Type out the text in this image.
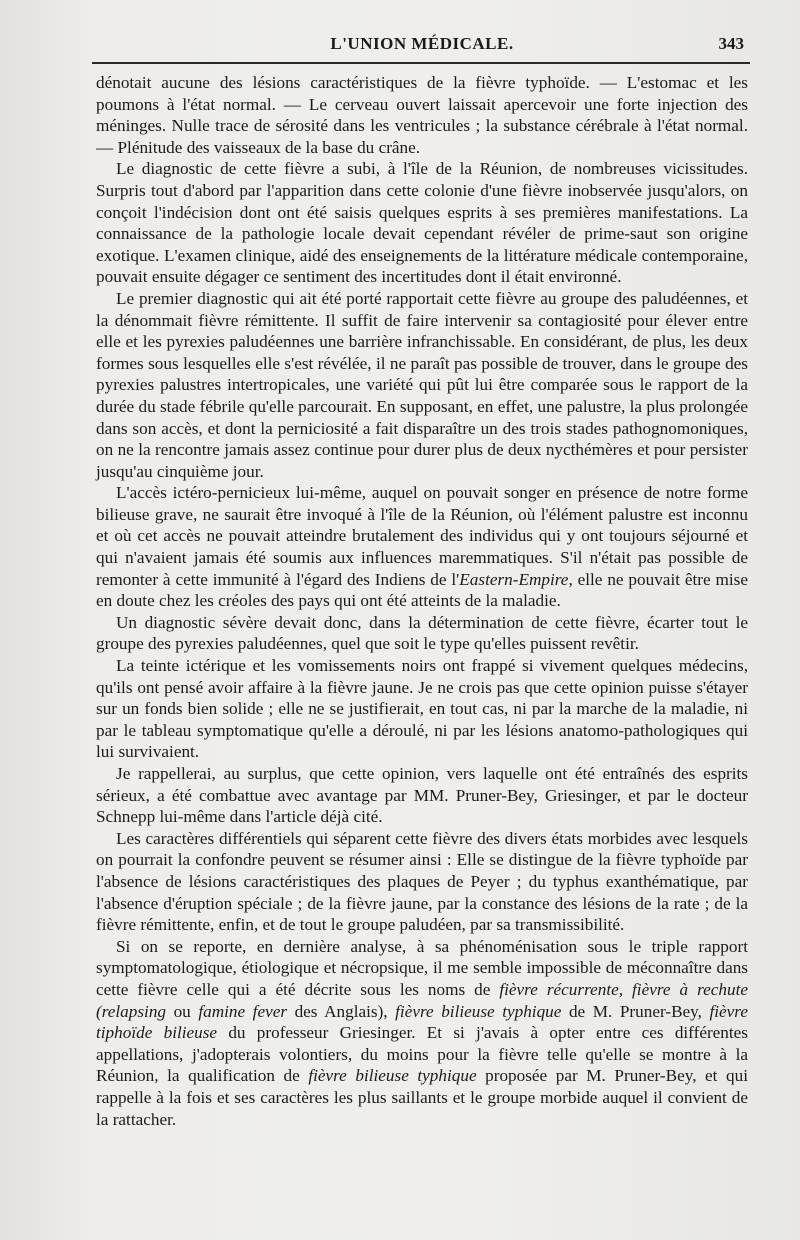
L'UNION MÉDICALE.	343

dénotait aucune des lésions caractéristiques de la fièvre typhoïde. — L'estomac et les poumons à l'état normal. — Le cerveau ouvert laissait apercevoir une forte injection des méninges. Nulle trace de sérosité dans les ventricules ; la substance cérébrale à l'état normal. — Plénitude des vaisseaux de la base du crâne.

Le diagnostic de cette fièvre a subi, à l'île de la Réunion, de nombreuses vicissitudes. Surpris tout d'abord par l'apparition dans cette colonie d'une fièvre inobservée jusqu'alors, on conçoit l'indécision dont ont été saisis quelques esprits à ses premières manifestations. La connaissance de la pathologie locale devait cependant révéler de prime-saut son origine exotique. L'examen clinique, aidé des enseignements de la littérature médicale contemporaine, pouvait ensuite dégager ce sentiment des incertitudes dont il était environné.

Le premier diagnostic qui ait été porté rapportait cette fièvre au groupe des paludéennes, et la dénommait fièvre rémittente. Il suffit de faire intervenir sa contagiosité pour élever entre elle et les pyrexies paludéennes une barrière infranchissable. En considérant, de plus, les deux formes sous lesquelles elle s'est révélée, il ne paraît pas possible de trouver, dans le groupe des pyrexies palustres intertropicales, une variété qui pût lui être comparée sous le rapport de la durée du stade fébrile qu'elle parcourait. En supposant, en effet, une palustre, la plus prolongée dans son accès, et dont la perniciosité a fait disparaître un des trois stades pathognomoniques, on ne la rencontre jamais assez continue pour durer plus de deux nycthémères et pour persister jusqu'au cinquième jour.

L'accès ictéro-pernicieux lui-même, auquel on pouvait songer en présence de notre forme bilieuse grave, ne saurait être invoqué à l'île de la Réunion, où l'élément palustre est inconnu et où cet accès ne pouvait atteindre brutalement des individus qui y ont toujours séjourné et qui n'avaient jamais été soumis aux influences maremmatiques. S'il n'était pas possible de remonter à cette immunité à l'égard des Indiens de l'Eastern-Empire, elle ne pouvait être mise en doute chez les créoles des pays qui ont été atteints de la maladie.

Un diagnostic sévère devait donc, dans la détermination de cette fièvre, écarter tout le groupe des pyrexies paludéennes, quel que soit le type qu'elles puissent revêtir.

La teinte ictérique et les vomissements noirs ont frappé si vivement quelques médecins, qu'ils ont pensé avoir affaire à la fièvre jaune. Je ne crois pas que cette opinion puisse s'étayer sur un fonds bien solide ; elle ne se justifierait, en tout cas, ni par la marche de la maladie, ni par le tableau symptomatique qu'elle a déroulé, ni par les lésions anatomo-pathologiques qui lui survivaient.

Je rappellerai, au surplus, que cette opinion, vers laquelle ont été entraînés des esprits sérieux, a été combattue avec avantage par MM. Pruner-Bey, Griesinger, et par le docteur Schnepp lui-même dans l'article déjà cité.

Les caractères différentiels qui séparent cette fièvre des divers états morbides avec lesquels on pourrait la confondre peuvent se résumer ainsi : Elle se distingue de la fièvre typhoïde par l'absence de lésions caractéristiques des plaques de Peyer ; du typhus exanthématique, par l'absence d'éruption spéciale ; de la fièvre jaune, par la constance des lésions de la rate ; de la fièvre rémittente, enfin, et de tout le groupe paludéen, par sa transmissibilité.

Si on se reporte, en dernière analyse, à sa phénoménisation sous le triple rapport symptomatologique, étiologique et nécropsique, il me semble impossible de méconnaître dans cette fièvre celle qui a été décrite sous les noms de fièvre récurrente, fièvre à rechute (relapsing ou famine fever des Anglais), fièvre bilieuse typhique de M. Pruner-Bey, fièvre tiphoïde bilieuse du professeur Griesinger. Et si j'avais à opter entre ces différentes appellations, j'adopterais volontiers, du moins pour la fièvre telle qu'elle se montre à la Réunion, la qualification de fièvre bilieuse typhique proposée par M. Pruner-Bey, et qui rappelle à la fois et ses caractères les plus saillants et le groupe morbide auquel il convient de la rattacher.
